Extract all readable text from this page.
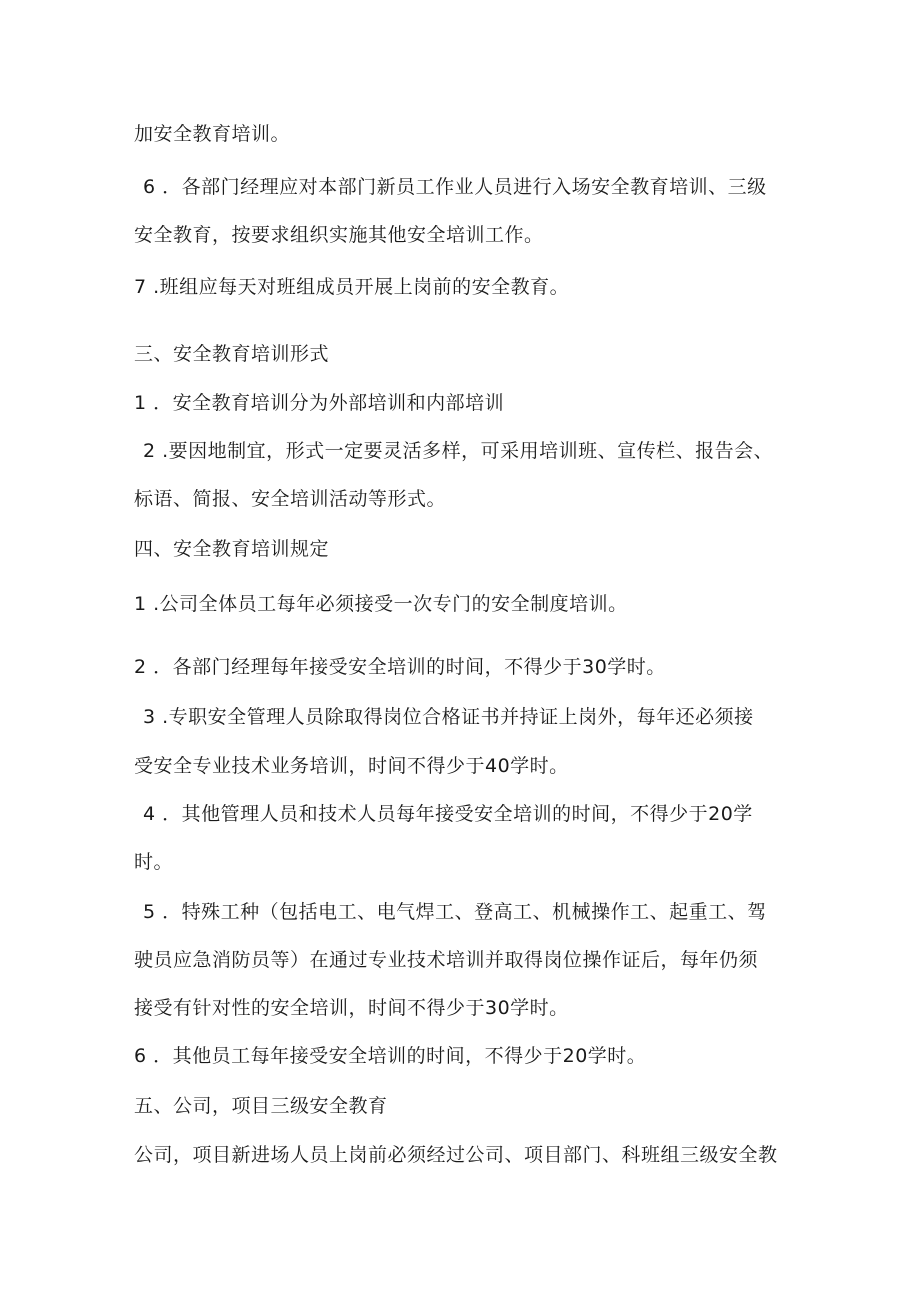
加安全教育培训。
6 ．各部门经理应对本部门新员工作业人员进行入场安全教育培训、三级
安全教育，按要求组织实施其他安全培训工作。
7 .班组应每天对班组成员开展上岗前的安全教育。
三、安全教育培训形式
1 ．安全教育培训分为外部培训和内部培训
2 .要因地制宜，形式一定要灵活多样，可采用培训班、宣传栏、报告会、
标语、简报、安全培训活动等形式。
四、安全教育培训规定
1 .公司全体员工每年必须接受一次专门的安全制度培训。
2 ．各部门经理每年接受安全培训的时间，不得少于30学时。
3 .专职安全管理人员除取得岗位合格证书并持证上岗外，每年还必须接
受安全专业技术业务培训，时间不得少于40学时。
4 ．其他管理人员和技术人员每年接受安全培训的时间，不得少于20学
时。
5 ．特殊工种（包括电工、电气焊工、登高工、机械操作工、起重工、驾
驶员应急消防员等）在通过专业技术培训并取得岗位操作证后，每年仍须
接受有针对性的安全培训，时间不得少于30学时。
6 ．其他员工每年接受安全培训的时间，不得少于20学时。
五、公司，项目三级安全教育
公司，项目新进场人员上岗前必须经过公司、项目部门、科班组三级安全教
